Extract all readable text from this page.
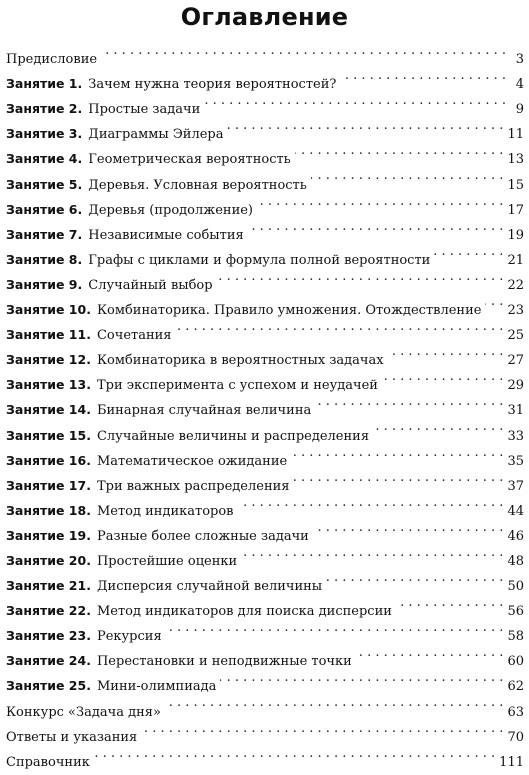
Оглавление
Предисловие . . .	3
Занятие 1. Зачем нужна теория вероятностей? . . .	4
Занятие 2. Простые задачи . . .	9
Занятие 3. Диаграммы Эйлера . . .	11
Занятие 4. Геометрическая вероятность . . .	13
Занятие 5. Деревья. Условная вероятность . . .	15
Занятие 6. Деревья (продолжение) . . .	17
Занятие 7. Независимые события . . .	19
Занятие 8. Графы с циклами и формула полной вероятности . . .	21
Занятие 9. Случайный выбор . . .	22
Занятие 10. Комбинаторика. Правило умножения. Отождествление . . . 23
Занятие 11. Сочетания . . .	25
Занятие 12. Комбинаторика в вероятностных задачах . . .	27
Занятие 13. Три эксперимента с успехом и неудачей . . .	29
Занятие 14. Бинарная случайная величина . . .	31
Занятие 15. Случайные величины и распределения . . .	33
Занятие 16. Математическое ожидание . . .	35
Занятие 17. Три важных распределения . . .	37
Занятие 18. Метод индикаторов . . .	44
Занятие 19. Разные более сложные задачи . . .	46
Занятие 20. Простейшие оценки . . .	48
Занятие 21. Дисперсия случайной величины . . .	50
Занятие 22. Метод индикаторов для поиска дисперсии . . .	56
Занятие 23. Рекурсия . . .	58
Занятие 24. Перестановки и неподвижные точки . . .	60
Занятие 25. Мини-олимпиада . . .	62
Конкурс «Задача дня» . . .	63
Ответы и указания . . .	70
Справочник . . .	111
